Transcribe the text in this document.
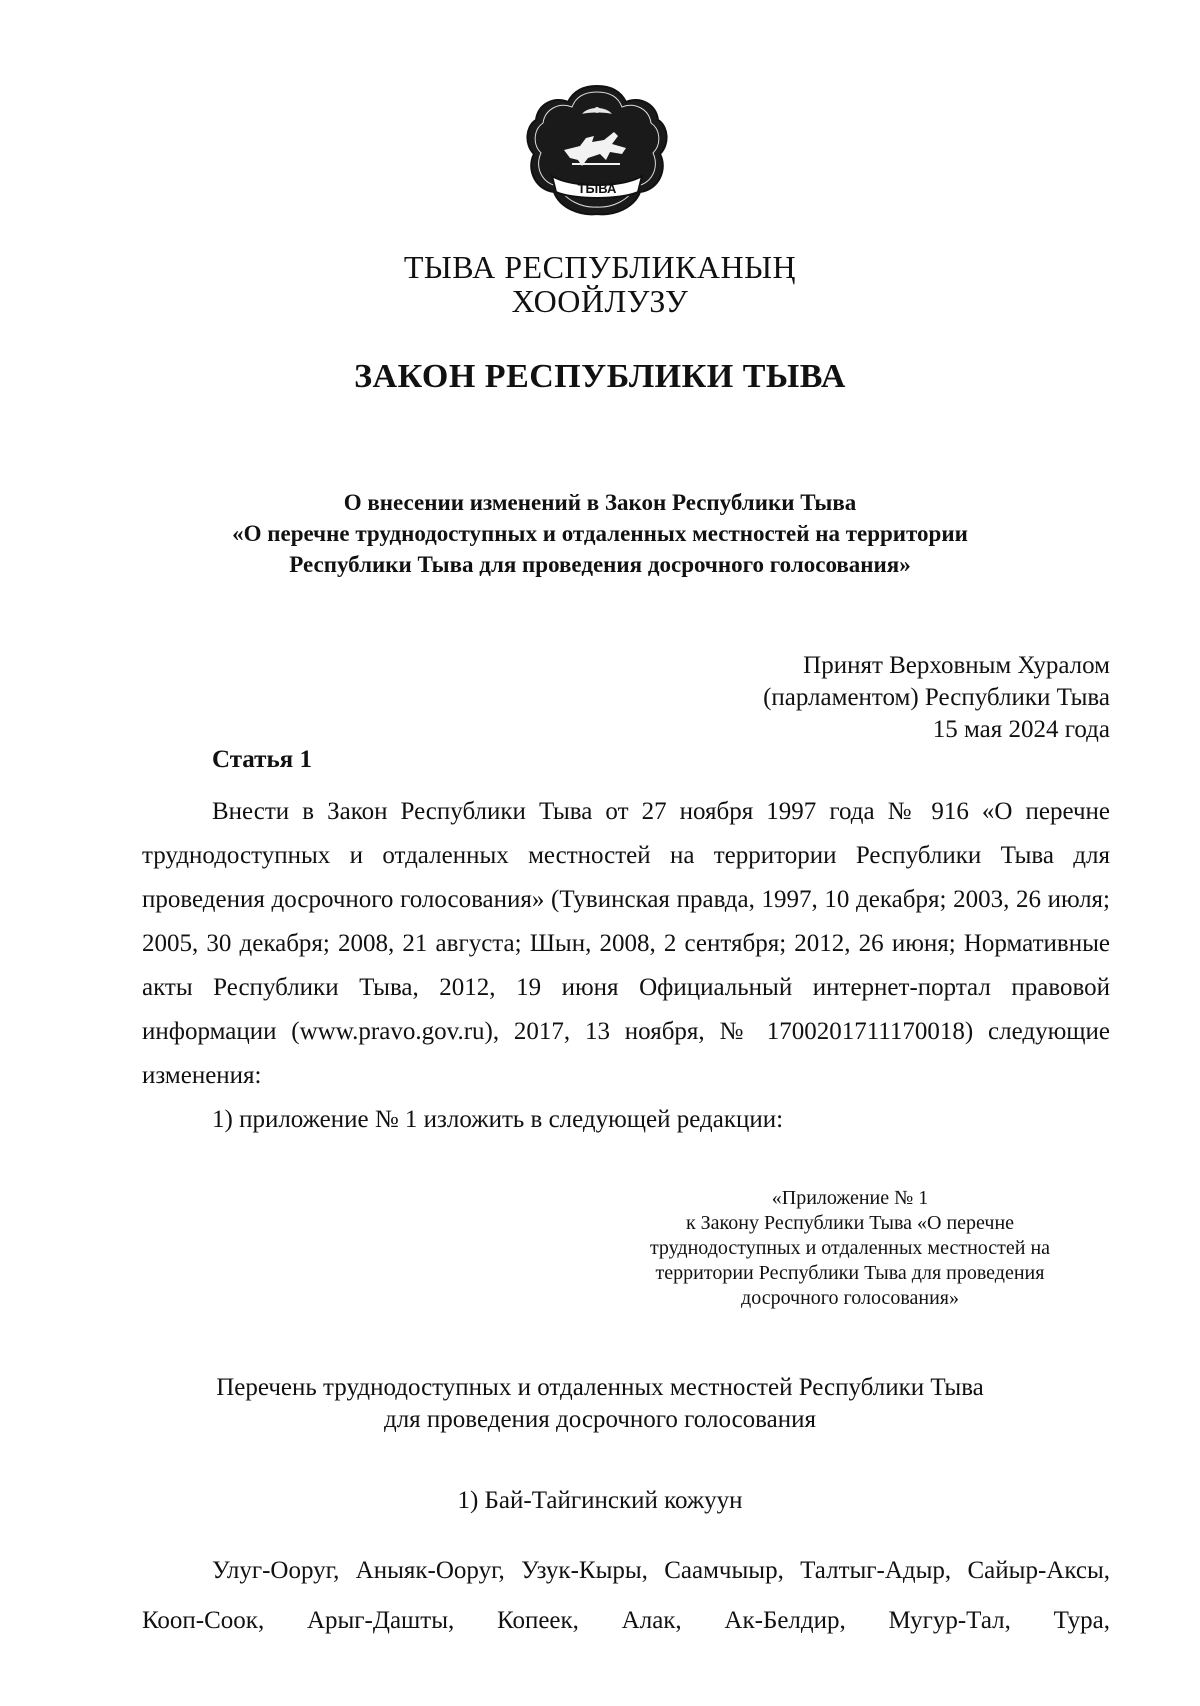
ТЫВА
ТЫВА РЕСПУБЛИКАНЫҢ
ХООЙЛУЗУ
ЗАКОН РЕСПУБЛИКИ ТЫВА
О внесении изменений в Закон Республики Тыва
«О перечне труднодоступных и отдаленных местностей на территории
Республики Тыва для проведения досрочного голосования»
Принят Верховным Хуралом
(парламентом) Республики Тыва
15 мая 2024 года
Статья 1

Внести в Закон Республики Тыва от 27 ноября 1997 года № 916 «О перечне труднодоступных и отдаленных местностей на территории Республики Тыва для проведения досрочного голосования» (Тувинская правда, 1997, 10 декабря; 2003, 26 июля; 2005, 30 декабря; 2008, 21 августа; Шын, 2008, 2 сентября; 2012, 26 июня; Нормативные акты Республики Тыва, 2012, 19 июня Официальный интернет-портал правовой информации (www.pravo.gov.ru), 2017, 13 ноября, № 1700201711170018) следующие изменения:

1) приложение № 1 изложить в следующей редакции:

«Приложение № 1
к Закону Республики Тыва «О перечне
труднодоступных и отдаленных местностей на
территории Республики Тыва для проведения
досрочного голосования»
Перечень труднодоступных и отдаленных местностей Республики Тыва
для проведения досрочного голосования
1) Бай-Тайгинский кожуун

Улуг-Ооруг, Аныяк-Ооруг, Узук-Кыры, Саамчыыр, Талтыг-Адыр, Сайыр-Аксы, Кооп-Соок, Арыг-Дашты, Копеек, Алак, Ак-Белдир, Мугур-Тал, Тура,
